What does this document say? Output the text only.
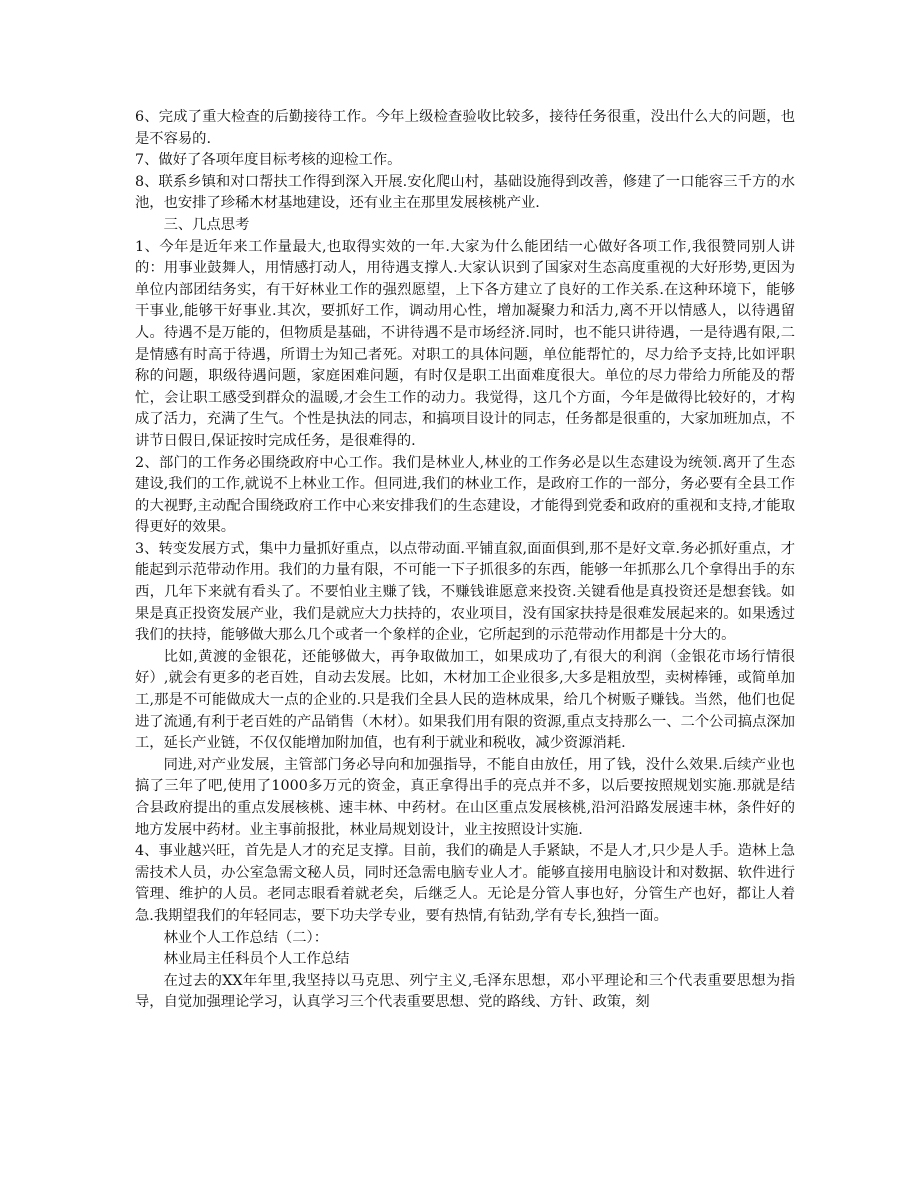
6、完成了重大检查的后勤接待工作。今年上级检查验收比较多，接待任务很重，没出什么大的问题，也是不容易的.

7、做好了各项年度目标考核的迎检工作。

8、联系乡镇和对口帮扶工作得到深入开展.安化爬山村，基础设施得到改善，修建了一口能容三千方的水池，也安排了珍稀木材基地建设，还有业主在那里发展核桃产业.

三、几点思考

1、今年是近年来工作量最大,也取得实效的一年.大家为什么能团结一心做好各项工作,我很赞同别人讲的：用事业鼓舞人，用情感打动人，用待遇支撑人.大家认识到了国家对生态高度重视的大好形势,更因为单位内部团结务实，有干好林业工作的强烈愿望，上下各方建立了良好的工作关系.在这种环境下，能够干事业,能够干好事业.其次，要抓好工作，调动用心性，增加凝聚力和活力,离不开以情感人，以待遇留人。待遇不是万能的，但物质是基础，不讲待遇不是市场经济.同时，也不能只讲待遇，一是待遇有限,二是情感有时高于待遇，所谓士为知己者死。对职工的具体问题，单位能帮忙的，尽力给予支持,比如评职称的问题，职级待遇问题，家庭困难问题，有时仅是职工出面难度很大。单位的尽力带给力所能及的帮忙，会让职工感受到群众的温暖,才会生工作的动力。我觉得，这几个方面，今年是做得比较好的，才构成了活力，充满了生气。个性是执法的同志，和搞项目设计的同志，任务都是很重的，大家加班加点，不讲节日假日,保证按时完成任务，是很难得的.

2、部门的工作务必围绕政府中心工作。我们是林业人,林业的工作务必是以生态建设为统领.离开了生态建设,我们的工作,就说不上林业工作。但同进,我们的林业工作，是政府工作的一部分，务必要有全县工作的大视野,主动配合围绕政府工作中心来安排我们的生态建设，才能得到党委和政府的重视和支持,才能取得更好的效果。

3、转变发展方式，集中力量抓好重点，以点带动面.平铺直叙,面面俱到,那不是好文章.务必抓好重点，才能起到示范带动作用。我们的力量有限，不可能一下子抓很多的东西，能够一年抓那么几个拿得出手的东西，几年下来就有看头了。不要怕业主赚了钱，不赚钱谁愿意来投资.关键看他是真投资还是想套钱。如果是真正投资发展产业，我们是就应大力扶持的，农业项目，没有国家扶持是很难发展起来的。如果透过我们的扶持，能够做大那么几个或者一个象样的企业，它所起到的示范带动作用都是十分大的。

比如,黄渡的金银花，还能够做大，再争取做加工，如果成功了,有很大的利润（金银花市场行情很好）,就会有更多的老百姓，自动去发展。比如，木材加工企业很多,大多是粗放型，卖树棒锤，或简单加工,那是不可能做成大一点的企业的.只是我们全县人民的造林成果，给几个树贩子赚钱。当然，他们也促进了流通,有利于老百姓的产品销售（木材）。如果我们用有限的资源,重点支持那么一、二个公司搞点深加工，延长产业链，不仅仅能增加附加值，也有利于就业和税收，减少资源消耗.

同进,对产业发展，主管部门务必导向和加强指导，不能自由放任，用了钱，没什么效果.后续产业也搞了三年了吧,使用了1000多万元的资金，真正拿得出手的亮点并不多，以后要按照规划实施.那就是结合县政府提出的重点发展核桃、速丰林、中药材。在山区重点发展核桃,沿河沿路发展速丰林，条件好的地方发展中药材。业主事前报批，林业局规划设计，业主按照设计实施.

4、事业越兴旺，首先是人才的充足支撑。目前，我们的确是人手紧缺，不是人才,只少是人手。造林上急需技术人员，办公室急需文秘人员，同时还急需电脑专业人才。能够直接用电脑设计和对数据、软件进行管理、维护的人员。老同志眼看着就老矣，后继乏人。无论是分管人事也好，分管生产也好，都让人着急.我期望我们的年轻同志，要下功夫学专业，要有热情,有钻劲,学有专长,独挡一面。

林业个人工作总结（二）：

林业局主任科员个人工作总结

在过去的XX年年里,我坚持以马克思、列宁主义,毛泽东思想，邓小平理论和三个代表重要思想为指导，自觉加强理论学习，认真学习三个代表重要思想、党的路线、方针、政策，刻
